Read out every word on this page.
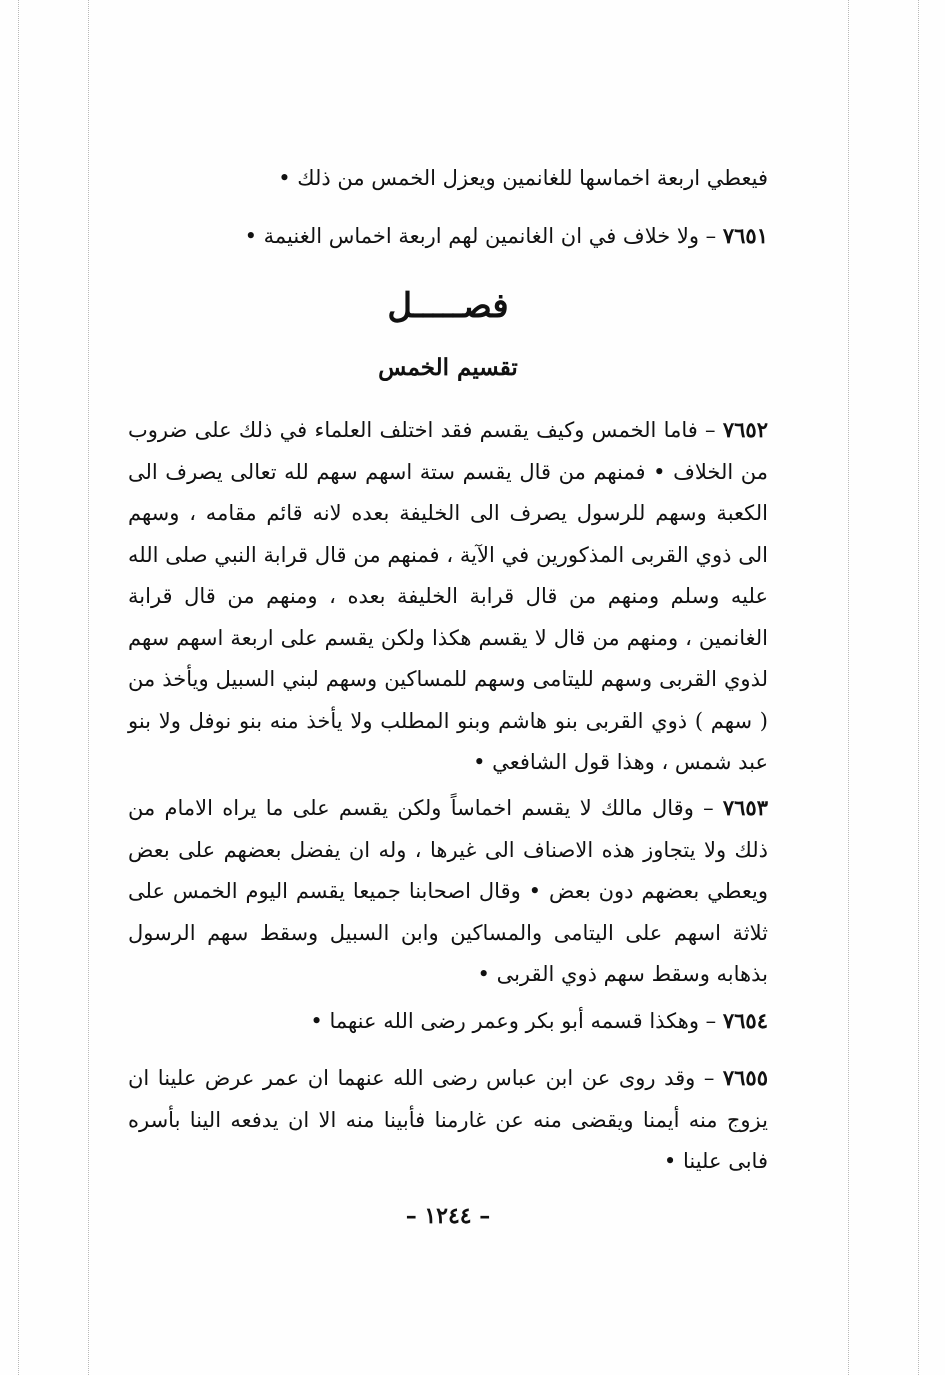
فيعطي اربعة اخماسها للغانمين ويعزل الخمس من ذلك •
٧٦٥١ – ولا خلاف في ان الغانمين لهم اربعة اخماس الغنيمة •
فصـــــل
تقسيم الخمس
٧٦٥٢ – فاما الخمس وكيف يقسم فقد اختلف العلماء في ذلك على ضروب من الخلاف • فمنهم من قال يقسم ستة اسهم سهم لله تعالى يصرف الى الكعبة وسهم للرسول يصرف الى الخليفة بعده لانه قائم مقامه ، وسهم الى ذوي القربى المذكورين في الآية ، فمنهم من قال قرابة النبي صلى الله عليه وسلم ومنهم من قال قرابة الخليفة بعده ، ومنهم من قال قرابة الغانمين ، ومنهم من قال لا يقسم هكذا ولكن يقسم على اربعة اسهم سهم لذوي القربى وسهم لليتامى وسهم للمساكين وسهم لبني السبيل ويأخذ من ( سهم ) ذوي القربى بنو هاشم وبنو المطلب ولا يأخذ منه بنو نوفل ولا بنو عبد شمس ، وهذا قول الشافعي •
٧٦٥٣ – وقال مالك لا يقسم اخماساً ولكن يقسم على ما يراه الامام من ذلك ولا يتجاوز هذه الاصناف الى غيرها ، وله ان يفضل بعضهم على بعض ويعطي بعضهم دون بعض • وقال اصحابنا جميعا يقسم اليوم الخمس على ثلاثة اسهم على اليتامى والمساكين وابن السبيل وسقط سهم الرسول بذهابه وسقط سهم ذوي القربى •
٧٦٥٤ – وهكذا قسمه أبو بكر وعمر رضى الله عنهما •
٧٦٥٥ – وقد روى عن ابن عباس رضى الله عنهما ان عمر عرض علينا ان يزوج منه أيمنا ويقضى منه عن غارمنا فأبينا منه الا ان يدفعه الينا بأسره فابى علينا •
– ١٢٤٤ –
